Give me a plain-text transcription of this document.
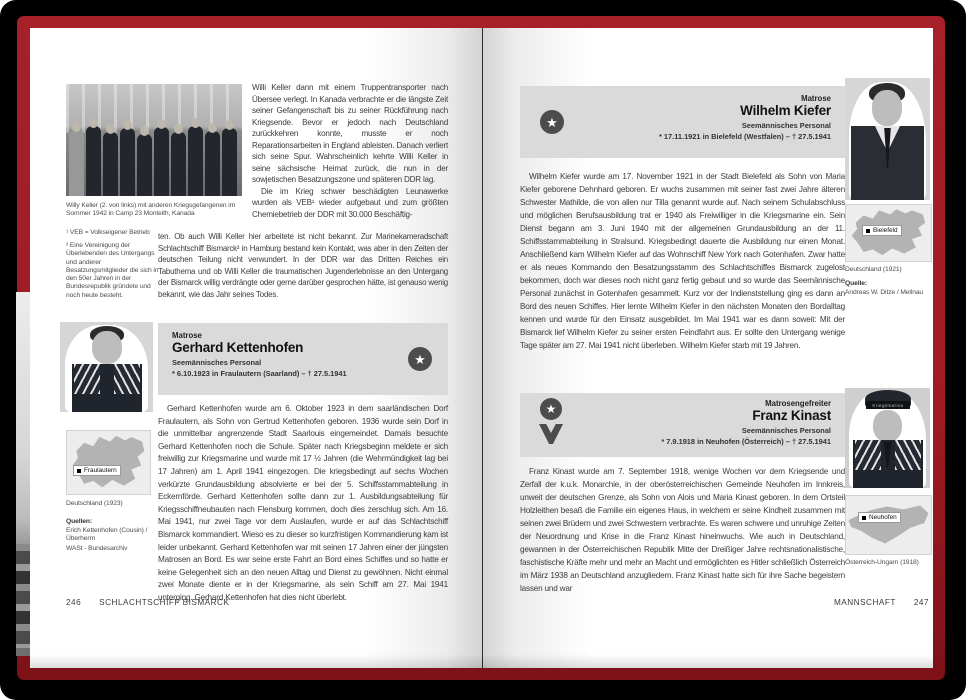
Willy Keller (2. von links) mit anderen Kriegsgefangenen im Sommer 1942 in Camp 23 Monteith, Kanada
¹ VEB = Volkseigener Betrieb
² Eine Vereinigung der Überlebenden des Untergangs und anderer Besatzungsmitglieder die sich in den 50er Jahren in der Bundesrepublik gründete und noch heute besteht.

Willi Keller dann mit einem Truppentransporter nach Übersee verlegt. In Kanada verbrachte er die längste Zeit seiner Gefangenschaft bis zu seiner Rückführung nach Kriegsende. Bevor er jedoch nach Deutschland zurückkehren konnte, musste er noch Reparationsarbeiten in England ableisten. Danach verliert sich seine Spur. Wahrscheinlich kehrte Willi Keller in seine sächsische Heimat zurück, die nun in der sowjetischen Besatzungszone und späteren DDR lag.

Die im Krieg schwer beschädigten Leunawerke wurden als VEB¹ wieder aufgebaut und zum größten Chemiebetrieb der DDR mit 30.000 Beschäftig-

ten. Ob auch Willi Keller hier arbeitete ist nicht bekannt. Zur Marinekameradschaft Schlachtschiff Bismarck² in Hamburg bestand kein Kontakt, was aber in den Zeiten der deutschen Teilung nicht verwundert. In der DDR war das Dritten Reiches ein Tabuthema und ob Willi Keller die traumatischen Jugenderlebnisse an den Untergang der Bismarck willig verdrängte oder gerne darüber gesprochen hätte, ist genauso wenig bekannt, wie das Jahr seines Todes.

Matrose
Gerhard Kettenhofen
Seemännisches Personal
* 6.10.1923 in Fraulautern (Saarland) – † 27.5.1941
★
Fraulautern
Deutschland (1923)
Quellen:
Erich Kettenhofen (Cousin) /
Überherrn
WASt - Bundesarchiv

Gerhard Kettenhofen wurde am 6. Oktober 1923 in dem saarländischen Dorf Fraulautern, als Sohn von Gertrud Kettenhofen geboren. 1936 wurde sein Dorf in die unmittelbar angrenzende Stadt Saarlouis eingemeindet. Damals besuchte Gerhard Kettenhofen noch die Schule. Später nach Kriegsbeginn meldete er sich freiwillig zur Kriegsmarine und wurde mit 17 ½ Jahren (die Wehrmündigkeit lag bei 17 Jahren) am 1. April 1941 eingezogen. Die kriegsbedingt auf sechs Wochen verkürzte Grundausbildung absolvierte er bei der 5. Schiffsstammabteilung in Eckernförde. Gerhard Kettenhofen sollte dann zur 1. Ausbildungsabteilung für Kriegsschiffneubauten nach Flensburg kommen, doch dies zerschlug sich. Am 16. Mai 1941, nur zwei Tage vor dem Auslaufen, wurde er auf das Schlachtschiff Bismarck kommandiert. Wieso es zu dieser so kurzfristigen Kommandierung kam ist leider unbekannt. Gerhard Kettenhofen war mit seinen 17 Jahren einer der jüngsten Matrosen an Bord. Es war seine erste Fahrt an Bord eines Schiffes und so hatte er keine Gelegenheit sich an den neuen Alltag und Dienst zu gewöhnen. Nicht einmal zwei Monate diente er in der Kriegsmarine, als sein Schiff am 27. Mai 1941 unterging. Gerhard Kettenhofen hat dies nicht überlebt.

246 SCHLACHTSCHIFF BISMARCK
★
Matrose
Wilhelm Kiefer
Seemännisches Personal
* 17.11.1921 in Bielefeld (Westfalen) – † 27.5.1941

Wilhelm Kiefer wurde am 17. November 1921 in der Stadt Bielefeld als Sohn von Maria Kiefer geborene Dehnhard geboren. Er wuchs zusammen mit seiner fast zwei Jahre älteren Schwester Mathilde, die von allen nur Tilla genannt wurde auf. Nach seinem Schulabschluss und möglichen Berufsausbildung trat er 1940 als Freiwilliger in die Kriegsmarine ein. Sein Dienst begann am 3. Juni 1940 mit der allgemeinen Grundausbildung an der 11. Schiffsstammabteilung in Stralsund. Kriegsbedingt dauerte die Ausbildung nur einen Monat. Anschließend kam Wilhelm Kiefer auf das Wohnschiff New York nach Gotenhafen. Zwar hatte er als neues Kommando den Besatzungsstamm des Schlachtschiffes Bismarck zugelost bekommen, doch war dieses noch nicht ganz fertig gebaut und so wurde das Seemännische Personal zunächst in Gotenhafen gesammelt. Kurz vor der Indienststellung ging es dann an Bord des neuen Schiffes. Hier lernte Wilhelm Kiefer in den nächsten Monaten den Bordalltag kennen und wurde für den Einsatz ausgebildet. Im Mai 1941 war es dann soweit: Mit der Bismarck lief Wilhelm Kiefer zu seiner ersten Feindfahrt aus. Er sollte den Untergang wenige Tage später am 27. Mai 1941 nicht überleben. Wilhelm Kiefer starb mit 19 Jahren.

Bielefeld
Deutschland (1921)
Quelle:
Andreas W. Ditze / Mellnau
★	Matrosengefreiter
Franz Kinast
Seemännisches Personal
* 7.9.1918 in Neuhofen (Österreich) – † 27.5.1941

Franz Kinast wurde am 7. September 1918, wenige Wochen vor dem Kriegsende und Zerfall der k.u.k. Monarchie, in der oberösterreichischen Gemeinde Neuhofen im Innkreis, unweit der deutschen Grenze, als Sohn von Alois und Maria Kinast geboren. In dem Ortsteil Holzleithen besaß die Familie ein eigenes Haus, in welchem er seine Kindheit zusammen mit seinen zwei Brüdern und zwei Schwestern verbrachte. Es waren schwere und unruhige Zeiten der Neuordnung und Krise in die Franz Kinast hineinwuchs. Wie auch in Deutschland, gewannen in der Österreichischen Republik Mitte der Dreißiger Jahre rechtsnationalistische, faschistische Kräfte mehr und mehr an Macht und ermöglichten es Hitler schließlich Österreich im März 1938 an Deutschland anzugliedern. Franz Kinast hatte sich für ihre Sache begeistern lassen und war

Kriegsmarine
Neuhofen
Österreich-Ungarn (1918)
MANNSCHAFT 247
